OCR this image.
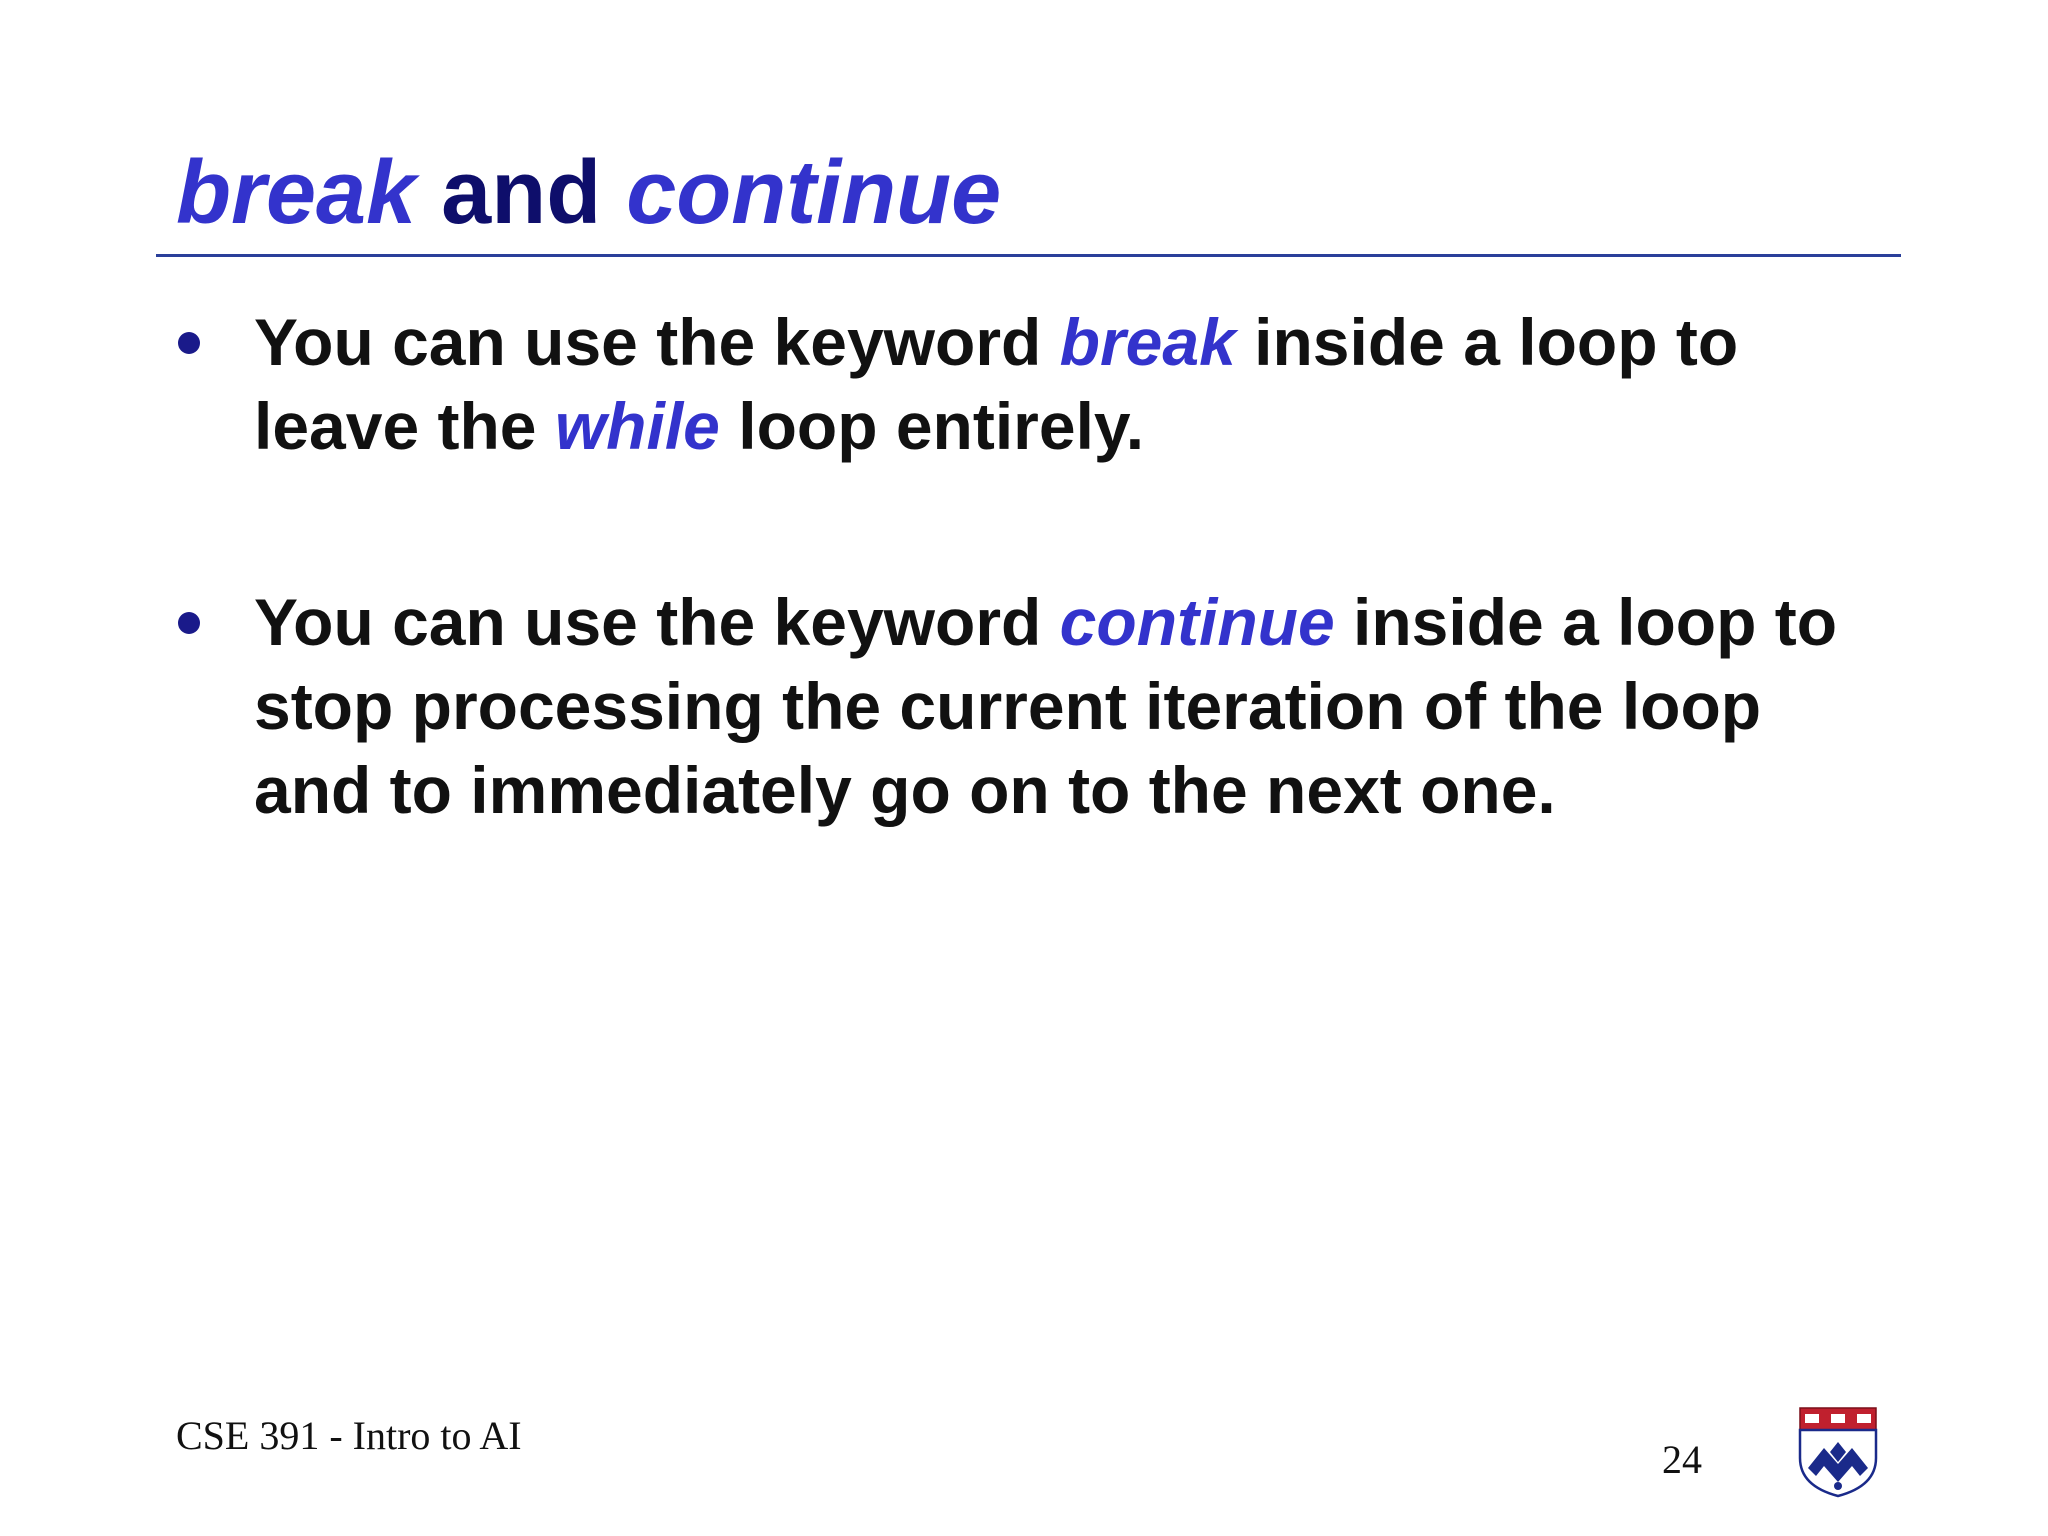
break and continue
You can use the keyword break inside a loop to leave the while loop entirely.
You can use the keyword continue inside a loop to stop processing the current iteration of the loop and to immediately go on to the next one.
CSE 391 - Intro to AI
24
